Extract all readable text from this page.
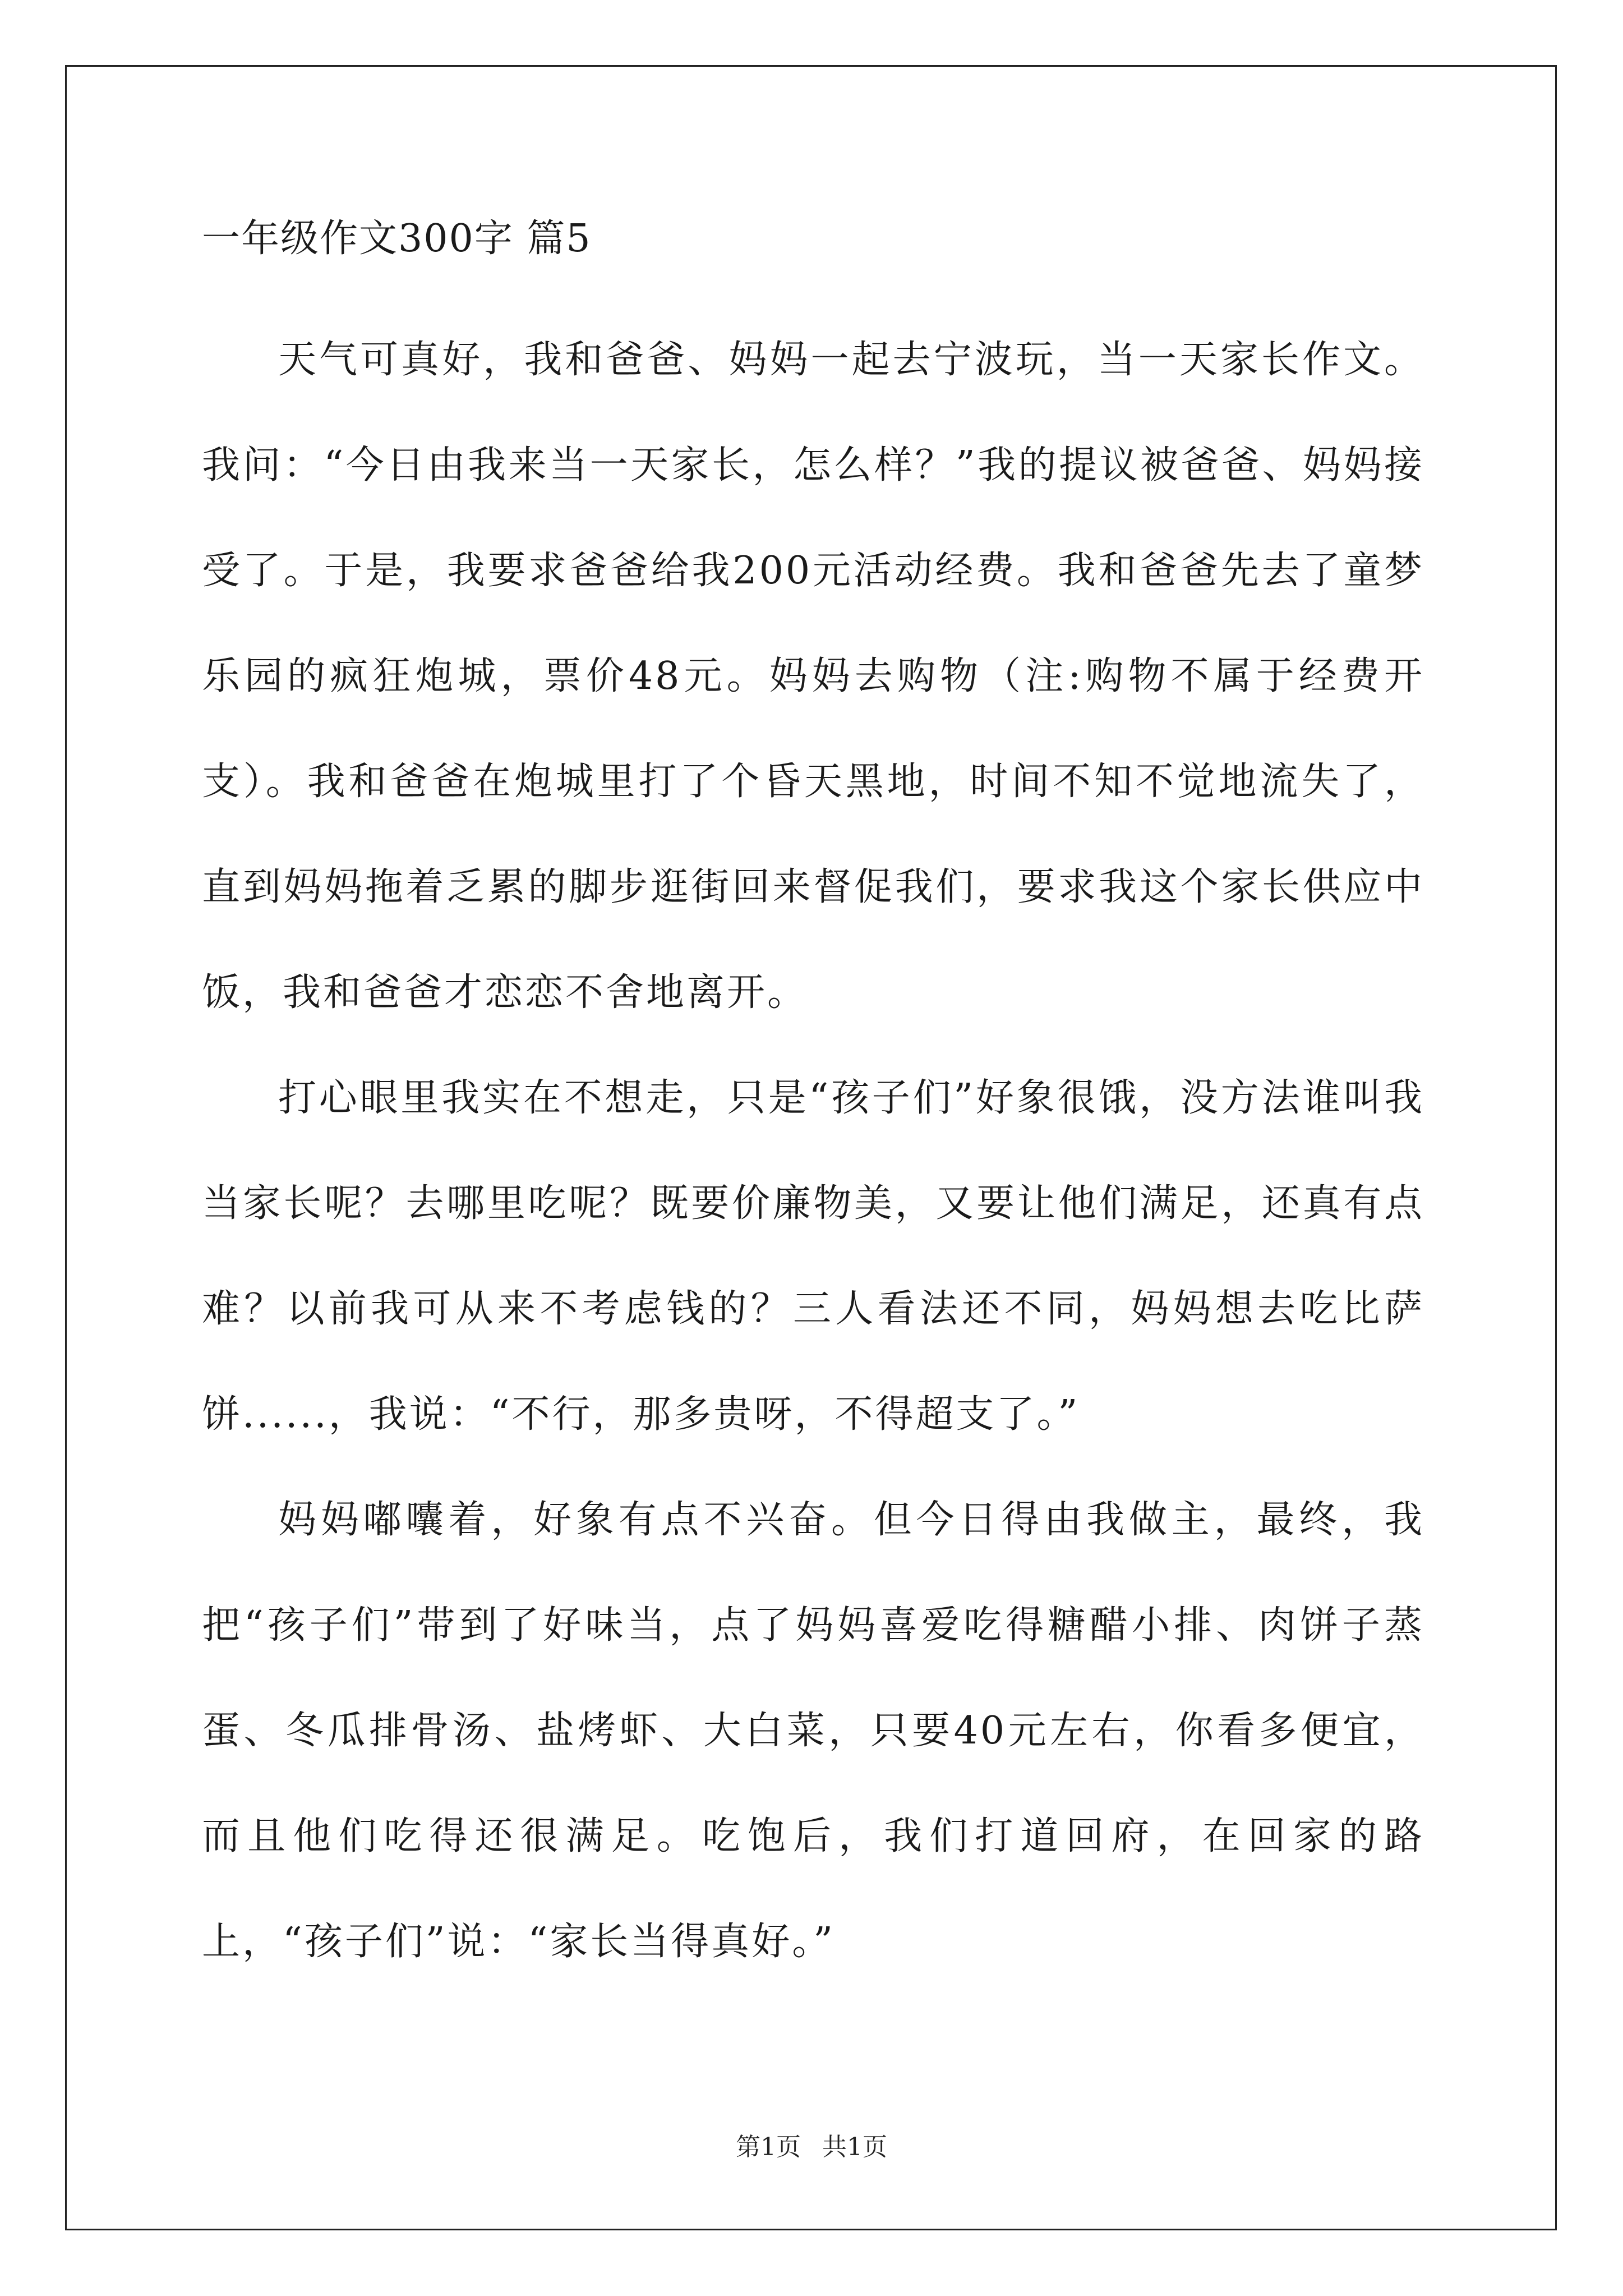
一年级作文300字 篇5

天气可真好，我和爸爸、妈妈一起去宁波玩，当一天家长作文。我问：“今日由我来当一天家长，怎么样？”我的提议被爸爸、妈妈接受了。于是，我要求爸爸给我200元活动经费。我和爸爸先去了童梦乐园的疯狂炮城，票价48元。妈妈去购物（注:购物不属于经费开支）。我和爸爸在炮城里打了个昏天黑地，时间不知不觉地流失了，直到妈妈拖着乏累的脚步逛街回来督促我们，要求我这个家长供应中饭，我和爸爸才恋恋不舍地离开。

打心眼里我实在不想走，只是“孩子们”好象很饿，没方法谁叫我当家长呢？去哪里吃呢？既要价廉物美，又要让他们满足，还真有点难？以前我可从来不考虑钱的？三人看法还不同，妈妈想去吃比萨饼......，我说：“不行，那多贵呀，不得超支了。”

妈妈嘟囔着，好象有点不兴奋。但今日得由我做主，最终，我把“孩子们”带到了好味当，点了妈妈喜爱吃得糖醋小排、肉饼子蒸蛋、冬瓜排骨汤、盐烤虾、大白菜，只要40元左右，你看多便宜，而且他们吃得还很满足。吃饱后，我们打道回府，在回家的路上，“孩子们”说：“家长当得真好。”

第1页 共1页
